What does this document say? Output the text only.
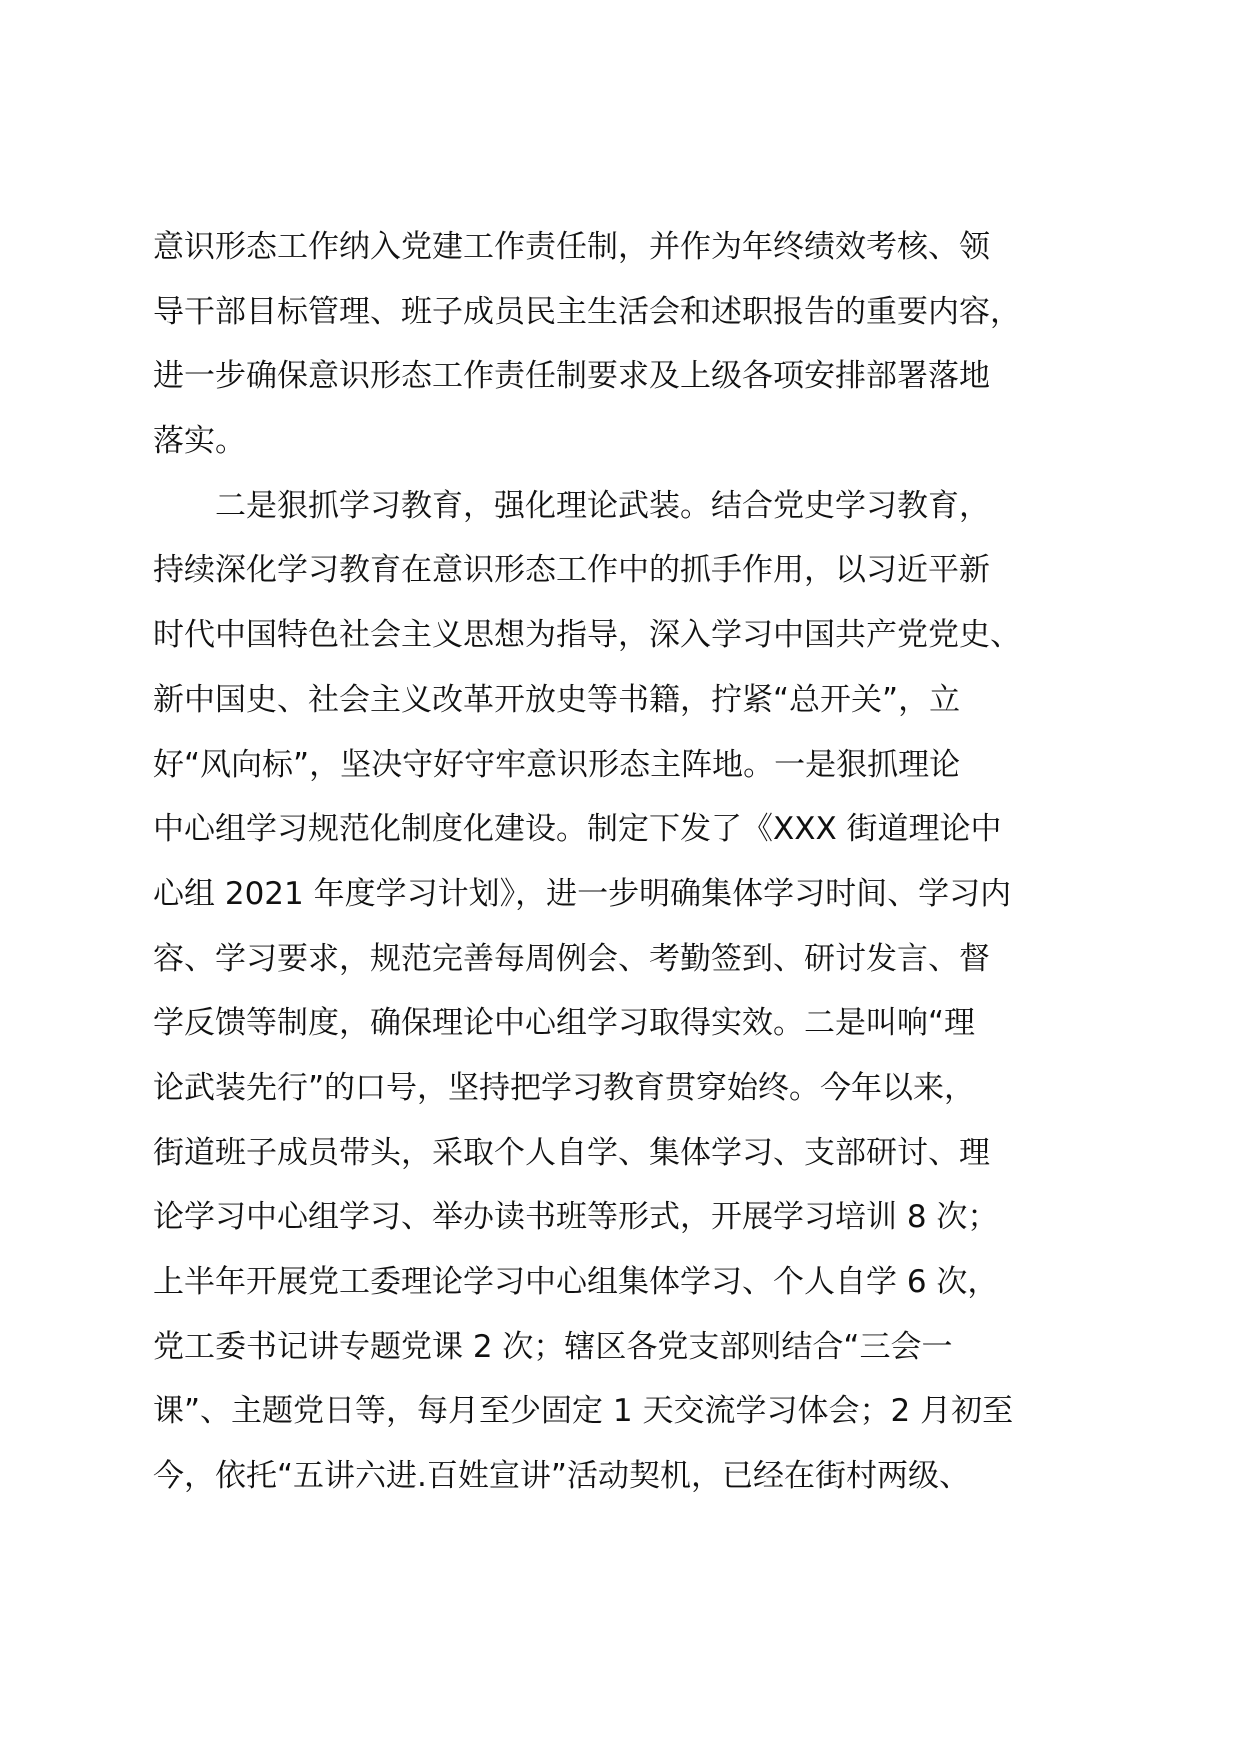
意识形态工作纳入党建工作责任制，并作为年终绩效考核、领
导干部目标管理、班子成员民主生活会和述职报告的重要内容，
进一步确保意识形态工作责任制要求及上级各项安排部署落地
落实。
　　二是狠抓学习教育，强化理论武装。结合党史学习教育，
持续深化学习教育在意识形态工作中的抓手作用，以习近平新
时代中国特色社会主义思想为指导，深入学习中国共产党党史、
新中国史、社会主义改革开放史等书籍，拧紧“总开关”，立
好“风向标”，坚决守好守牢意识形态主阵地。一是狠抓理论
中心组学习规范化制度化建设。制定下发了《XXX 街道理论中
心组 2021 年度学习计划》，进一步明确集体学习时间、学习内
容、学习要求，规范完善每周例会、考勤签到、研讨发言、督
学反馈等制度，确保理论中心组学习取得实效。二是叫响“理
论武装先行”的口号，坚持把学习教育贯穿始终。今年以来，
街道班子成员带头，采取个人自学、集体学习、支部研讨、理
论学习中心组学习、举办读书班等形式，开展学习培训 8 次；
上半年开展党工委理论学习中心组集体学习、个人自学 6 次，
党工委书记讲专题党课 2 次；辖区各党支部则结合“三会一
课”、主题党日等，每月至少固定 1 天交流学习体会；2 月初至
今，依托“五讲六进.百姓宣讲”活动契机，已经在街村两级、
